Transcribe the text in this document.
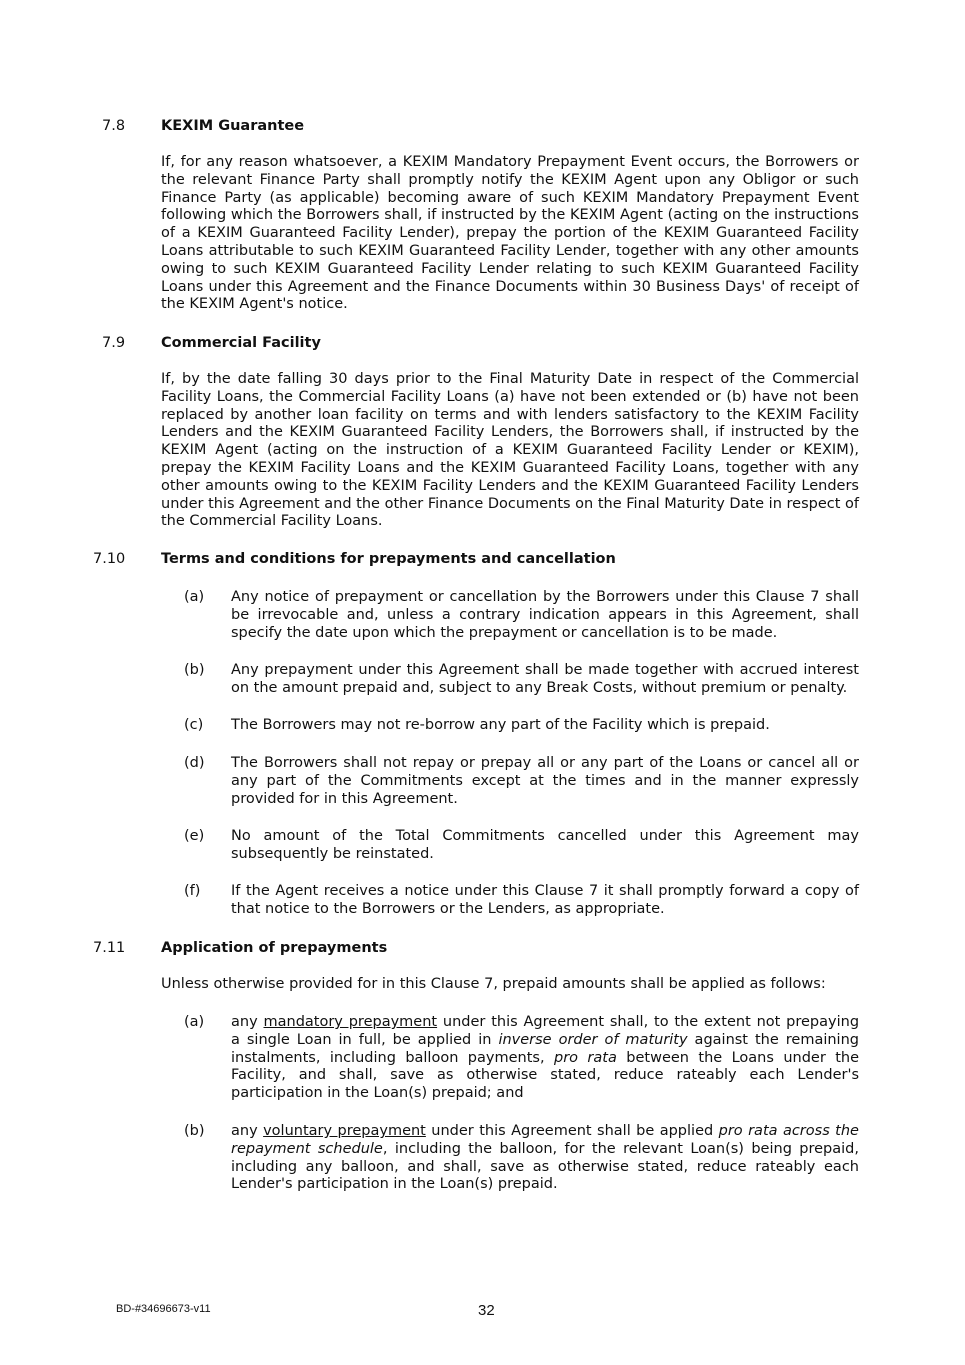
7.8 KEXIM Guarantee
If, for any reason whatsoever, a KEXIM Mandatory Prepayment Event occurs, the Borrowers or the relevant Finance Party shall promptly notify the KEXIM Agent upon any Obligor or such Finance Party (as applicable) becoming aware of such KEXIM Mandatory Prepayment Event following which the Borrowers shall, if instructed by the KEXIM Agent (acting on the instructions of a KEXIM Guaranteed Facility Lender), prepay the portion of the KEXIM Guaranteed Facility Loans attributable to such KEXIM Guaranteed Facility Lender, together with any other amounts owing to such KEXIM Guaranteed Facility Lender relating to such KEXIM Guaranteed Facility Loans under this Agreement and the Finance Documents within 30 Business Days' of receipt of the KEXIM Agent's notice.
7.9 Commercial Facility
If, by the date falling 30 days prior to the Final Maturity Date in respect of the Commercial Facility Loans, the Commercial Facility Loans (a) have not been extended or (b) have not been replaced by another loan facility on terms and with lenders satisfactory to the KEXIM Facility Lenders and the KEXIM Guaranteed Facility Lenders, the Borrowers shall, if instructed by the KEXIM Agent (acting on the instruction of a KEXIM Guaranteed Facility Lender or KEXIM), prepay the KEXIM Facility Loans and the KEXIM Guaranteed Facility Loans, together with any other amounts owing to the KEXIM Facility Lenders and the KEXIM Guaranteed Facility Lenders under this Agreement and the other Finance Documents on the Final Maturity Date in respect of the Commercial Facility Loans.
7.10 Terms and conditions for prepayments and cancellation
(a) Any notice of prepayment or cancellation by the Borrowers under this Clause 7 shall be irrevocable and, unless a contrary indication appears in this Agreement, shall specify the date upon which the prepayment or cancellation is to be made.
(b) Any prepayment under this Agreement shall be made together with accrued interest on the amount prepaid and, subject to any Break Costs, without premium or penalty.
(c) The Borrowers may not re-borrow any part of the Facility which is prepaid.
(d) The Borrowers shall not repay or prepay all or any part of the Loans or cancel all or any part of the Commitments except at the times and in the manner expressly provided for in this Agreement.
(e) No amount of the Total Commitments cancelled under this Agreement may subsequently be reinstated.
(f) If the Agent receives a notice under this Clause 7 it shall promptly forward a copy of that notice to the Borrowers or the Lenders, as appropriate.
7.11 Application of prepayments
Unless otherwise provided for in this Clause 7, prepaid amounts shall be applied as follows:
(a) any mandatory prepayment under this Agreement shall, to the extent not prepaying a single Loan in full, be applied in inverse order of maturity against the remaining instalments, including balloon payments, pro rata between the Loans under the Facility, and shall, save as otherwise stated, reduce rateably each Lender's participation in the Loan(s) prepaid; and
(b) any voluntary prepayment under this Agreement shall be applied pro rata across the repayment schedule, including the balloon, for the relevant Loan(s) being prepaid, including any balloon, and shall, save as otherwise stated, reduce rateably each Lender's participation in the Loan(s) prepaid.
BD-#34696673-v11	32
